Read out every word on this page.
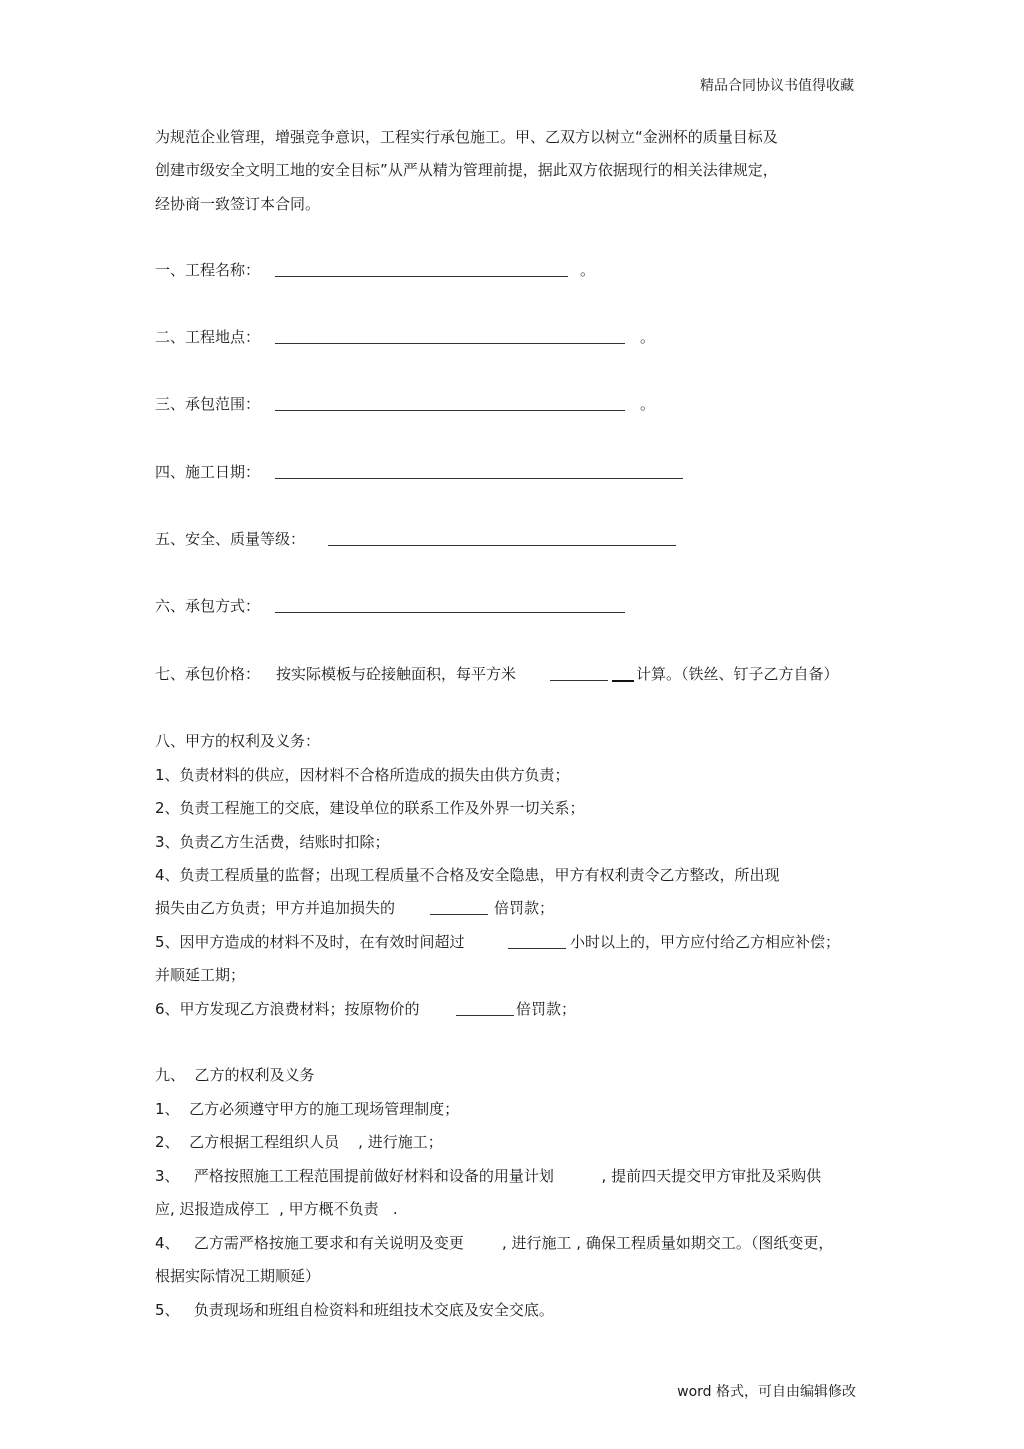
精品合同协议书值得收藏
为规范企业管理，增强竞争意识，工程实行承包施工。甲、乙双方以树立“金洲杯的质量目标及
创建市级安全文明工地的安全目标”从严从精为管理前提，据此双方依据现行的相关法律规定，
经协商一致签订本合同。
一、工程名称：	。
二、工程地点：	。
三、承包范围：	。
四、施工日期：
五、安全、质量等级：
六、承包方式：
七、承包价格： 按实际模板与砼接触面积，每平方米	计算。（铁丝、钉子乙方自备）
八、甲方的权利及义务：
1、负责材料的供应，因材料不合格所造成的损失由供方负责；
2、负责工程施工的交底，建设单位的联系工作及外界一切关系；
3、负责乙方生活费，结账时扣除；
4、负责工程质量的监督；出现工程质量不合格及安全隐患，甲方有权利责令乙方整改，所出现
损失由乙方负责；甲方并追加损失的	倍罚款；
5、因甲方造成的材料不及时，在有效时间超过	小时以上的，甲方应付给乙方相应补偿；
并顺延工期；
6、甲方发现乙方浪费材料；按原物价的	倍罚款；
九、  乙方的权利及义务
1、  乙方必须遵守甲方的施工现场管理制度；
2、  乙方根据工程组织人员    , 进行施工；
3、   严格按照施工工程范围提前做好材料和设备的用量计划          , 提前四天提交甲方审批及采购供
应, 迟报造成停工  , 甲方概不负责   .
4、   乙方需严格按施工要求和有关说明及变更        , 进行施工 , 确保工程质量如期交工。（图纸变更，
根据实际情况工期顺延）
5、   负责现场和班组自检资料和班组技术交底及安全交底。
word 格式，可自由编辑修改
